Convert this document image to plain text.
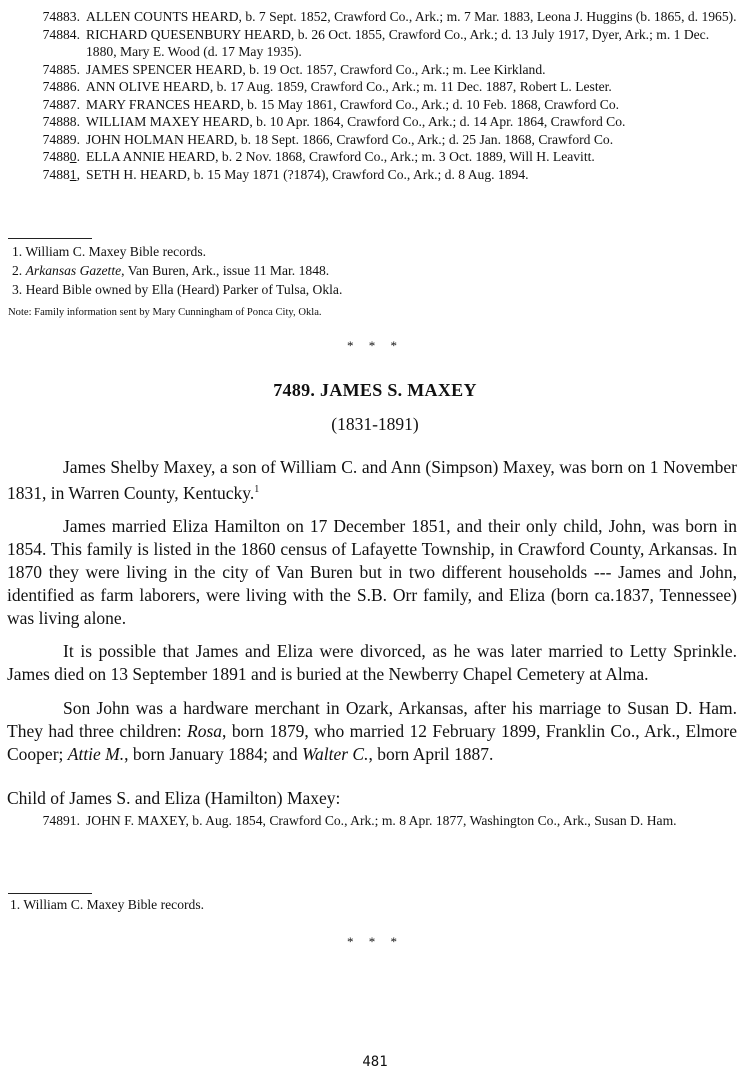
74883. ALLEN COUNTS HEARD, b. 7 Sept. 1852, Crawford Co., Ark.; m. 7 Mar. 1883, Leona J. Huggins (b. 1865, d. 1965).
74884. RICHARD QUESENBURY HEARD, b. 26 Oct. 1855, Crawford Co., Ark.; d. 13 July 1917, Dyer, Ark.; m. 1 Dec. 1880, Mary E. Wood (d. 17 May 1935).
74885. JAMES SPENCER HEARD, b. 19 Oct. 1857, Crawford Co., Ark.; m. Lee Kirkland.
74886. ANN OLIVE HEARD, b. 17 Aug. 1859, Crawford Co., Ark.; m. 11 Dec. 1887, Robert L. Lester.
74887. MARY FRANCES HEARD, b. 15 May 1861, Crawford Co., Ark.; d. 10 Feb. 1868, Crawford Co.
74888. WILLIAM MAXEY HEARD, b. 10 Apr. 1864, Crawford Co., Ark.; d. 14 Apr. 1864, Crawford Co.
74889. JOHN HOLMAN HEARD, b. 18 Sept. 1866, Crawford Co., Ark.; d. 25 Jan. 1868, Crawford Co.
74880. ELLA ANNIE HEARD, b. 2 Nov. 1868, Crawford Co., Ark.; m. 3 Oct. 1889, Will H. Leavitt.
74881, SETH H. HEARD, b. 15 May 1871 (?1874), Crawford Co., Ark.; d. 8 Aug. 1894.
1. William C. Maxey Bible records.
2. Arkansas Gazette, Van Buren, Ark., issue 11 Mar. 1848.
3. Heard Bible owned by Ella (Heard) Parker of Tulsa, Okla.
Note: Family information sent by Mary Cunningham of Ponca City, Okla.
* * *
7489. JAMES S. MAXEY
(1831-1891)

James Shelby Maxey, a son of William C. and Ann (Simpson) Maxey, was born on 1 November 1831, in Warren County, Kentucky.$^1$

James married Eliza Hamilton on 17 December 1851, and their only child, John, was born in 1854. This family is listed in the 1860 census of Lafayette Township, in Crawford County, Arkansas. In 1870 they were living in the city of Van Buren but in two different households --- James and John, identified as farm laborers, were living with the S.B. Orr family, and Eliza (born ca.1837, Tennessee) was living alone.

It is possible that James and Eliza were divorced, as he was later married to Letty Sprinkle. James died on 13 September 1891 and is buried at the Newberry Chapel Cemetery at Alma.

Son John was a hardware merchant in Ozark, Arkansas, after his marriage to Susan D. Ham. They had three children: Rosa, born 1879, who married 12 February 1899, Franklin Co., Ark., Elmore Cooper; Attie M., born January 1884; and Walter C., born April 1887.

Child of James S. and Eliza (Hamilton) Maxey:
74891. JOHN F. MAXEY, b. Aug. 1854, Crawford Co., Ark.; m. 8 Apr. 1877, Washington Co., Ark., Susan D. Ham.
1. William C. Maxey Bible records.
* * *
481
